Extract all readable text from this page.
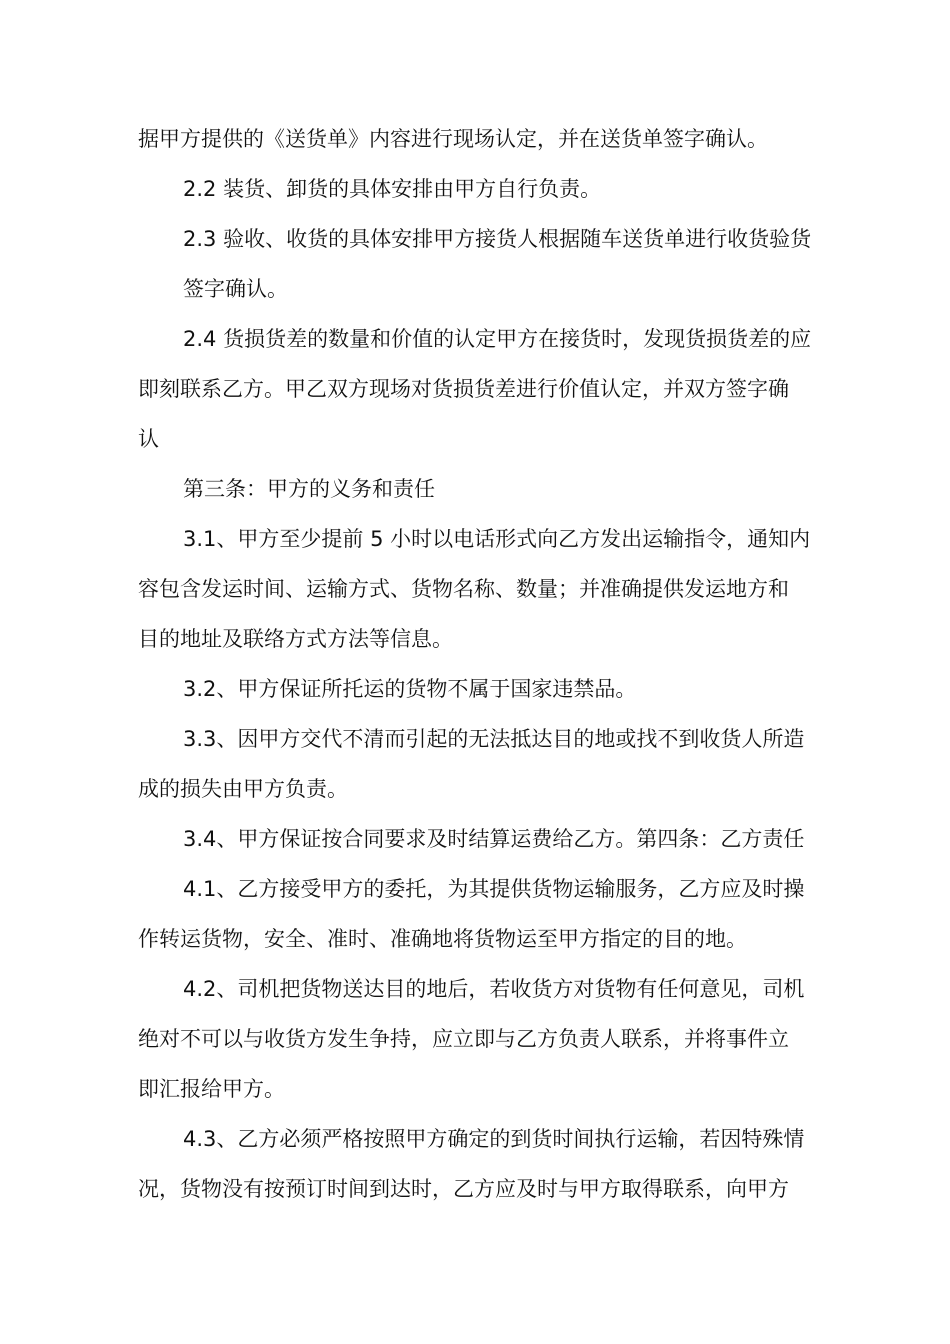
据甲方提供的《送货单》内容进行现场认定，并在送货单签字确认。
2.2 装货、卸货的具体安排由甲方自行负责。
2.3 验收、收货的具体安排甲方接货人根据随车送货单进行收货验货
签字确认。
2.4 货损货差的数量和价值的认定甲方在接货时，发现货损货差的应
即刻联系乙方。甲乙双方现场对货损货差进行价值认定，并双方签字确
认
第三条：甲方的义务和责任
3.1、甲方至少提前 5 小时以电话形式向乙方发出运输指令，通知内
容包含发运时间、运输方式、货物名称、数量；并准确提供发运地方和
目的地址及联络方式方法等信息。
3.2、甲方保证所托运的货物不属于国家违禁品。
3.3、因甲方交代不清而引起的无法抵达目的地或找不到收货人所造
成的损失由甲方负责。
3.4、甲方保证按合同要求及时结算运费给乙方。第四条：乙方责任
4.1、乙方接受甲方的委托，为其提供货物运输服务，乙方应及时操
作转运货物，安全、准时、准确地将货物运至甲方指定的目的地。
4.2、司机把货物送达目的地后，若收货方对货物有任何意见，司机
绝对不可以与收货方发生争持，应立即与乙方负责人联系，并将事件立
即汇报给甲方。
4.3、乙方必须严格按照甲方确定的到货时间执行运输，若因特殊情
况，货物没有按预订时间到达时，乙方应及时与甲方取得联系，向甲方
